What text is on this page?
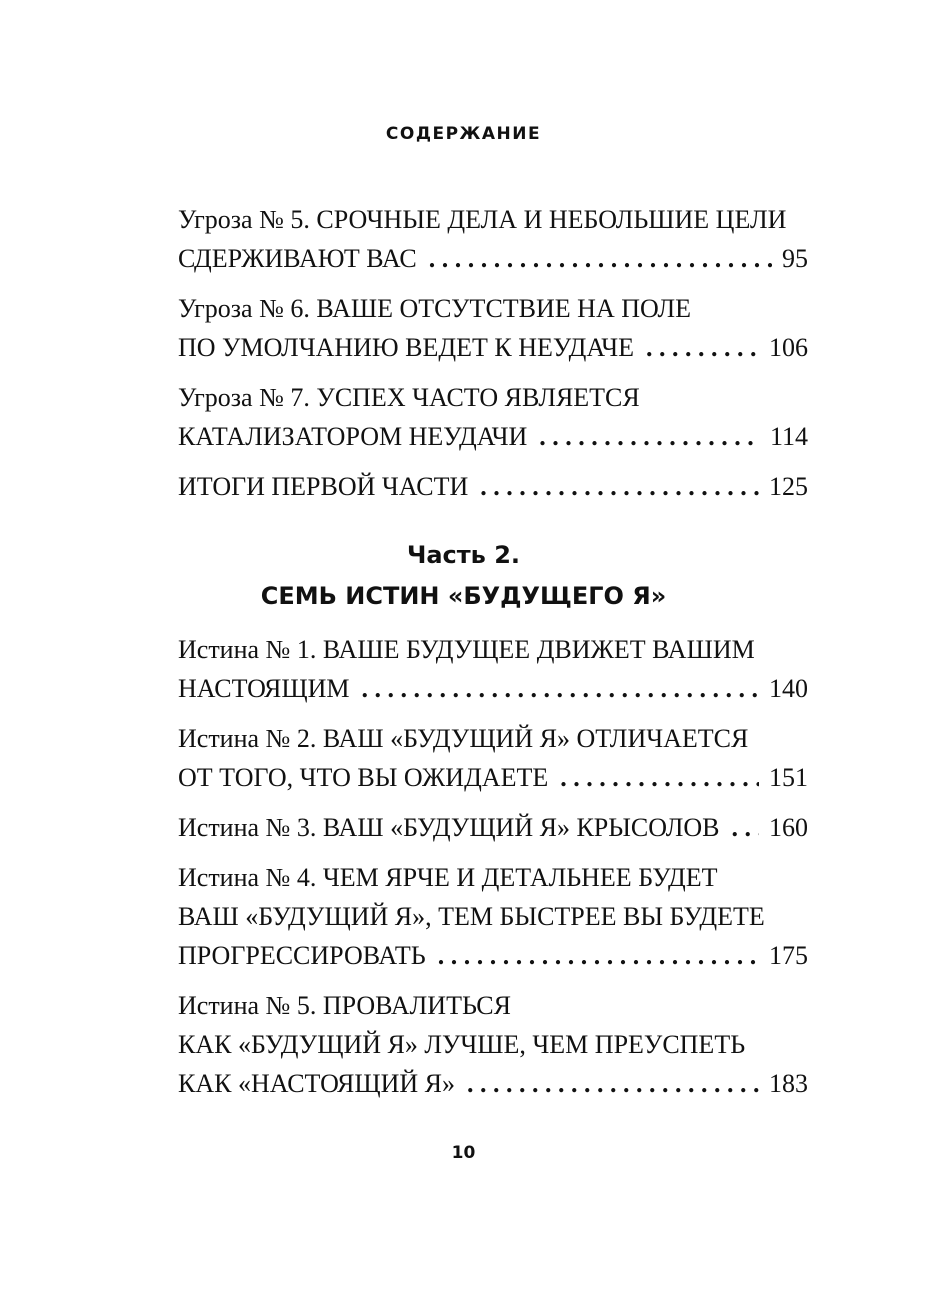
СОДЕРЖАНИЕ
Угроза № 5. СРОЧНЫЕ ДЕЛА И НЕБОЛЬШИЕ ЦЕЛИ
СДЕРЖИВАЮТ ВАС . . .	95
Угроза № 6. ВАШЕ ОТСУТСТВИЕ НА ПОЛЕ
ПО УМОЛЧАНИЮ ВЕДЕТ К НЕУДАЧЕ . . .	106
Угроза № 7. УСПЕХ ЧАСТО ЯВЛЯЕТСЯ
КАТАЛИЗАТОРОМ НЕУДАЧИ . . .	114
ИТОГИ ПЕРВОЙ ЧАСТИ . . .	125
Часть 2.
СЕМЬ ИСТИН «БУДУЩЕГО Я»
Истина № 1. ВАШЕ БУДУЩЕЕ ДВИЖЕТ ВАШИМ
НАСТОЯЩИМ . . .	140
Истина № 2. ВАШ «БУДУЩИЙ Я» ОТЛИЧАЕТСЯ
ОТ ТОГО, ЧТО ВЫ ОЖИДАЕТЕ . . .	151
Истина № 3. ВАШ «БУДУЩИЙ Я» КРЫСОЛОВ . . . 160
Истина № 4. ЧЕМ ЯРЧЕ И ДЕТАЛЬНЕЕ БУДЕТ
ВАШ «БУДУЩИЙ Я», ТЕМ БЫСТРЕЕ ВЫ БУДЕТЕ
ПРОГРЕССИРОВАТЬ . . .	175
Истина № 5. ПРОВАЛИТЬСЯ
КАК «БУДУЩИЙ Я» ЛУЧШЕ, ЧЕМ ПРЕУСПЕТЬ
КАК «НАСТОЯЩИЙ Я» . . .	183
10
